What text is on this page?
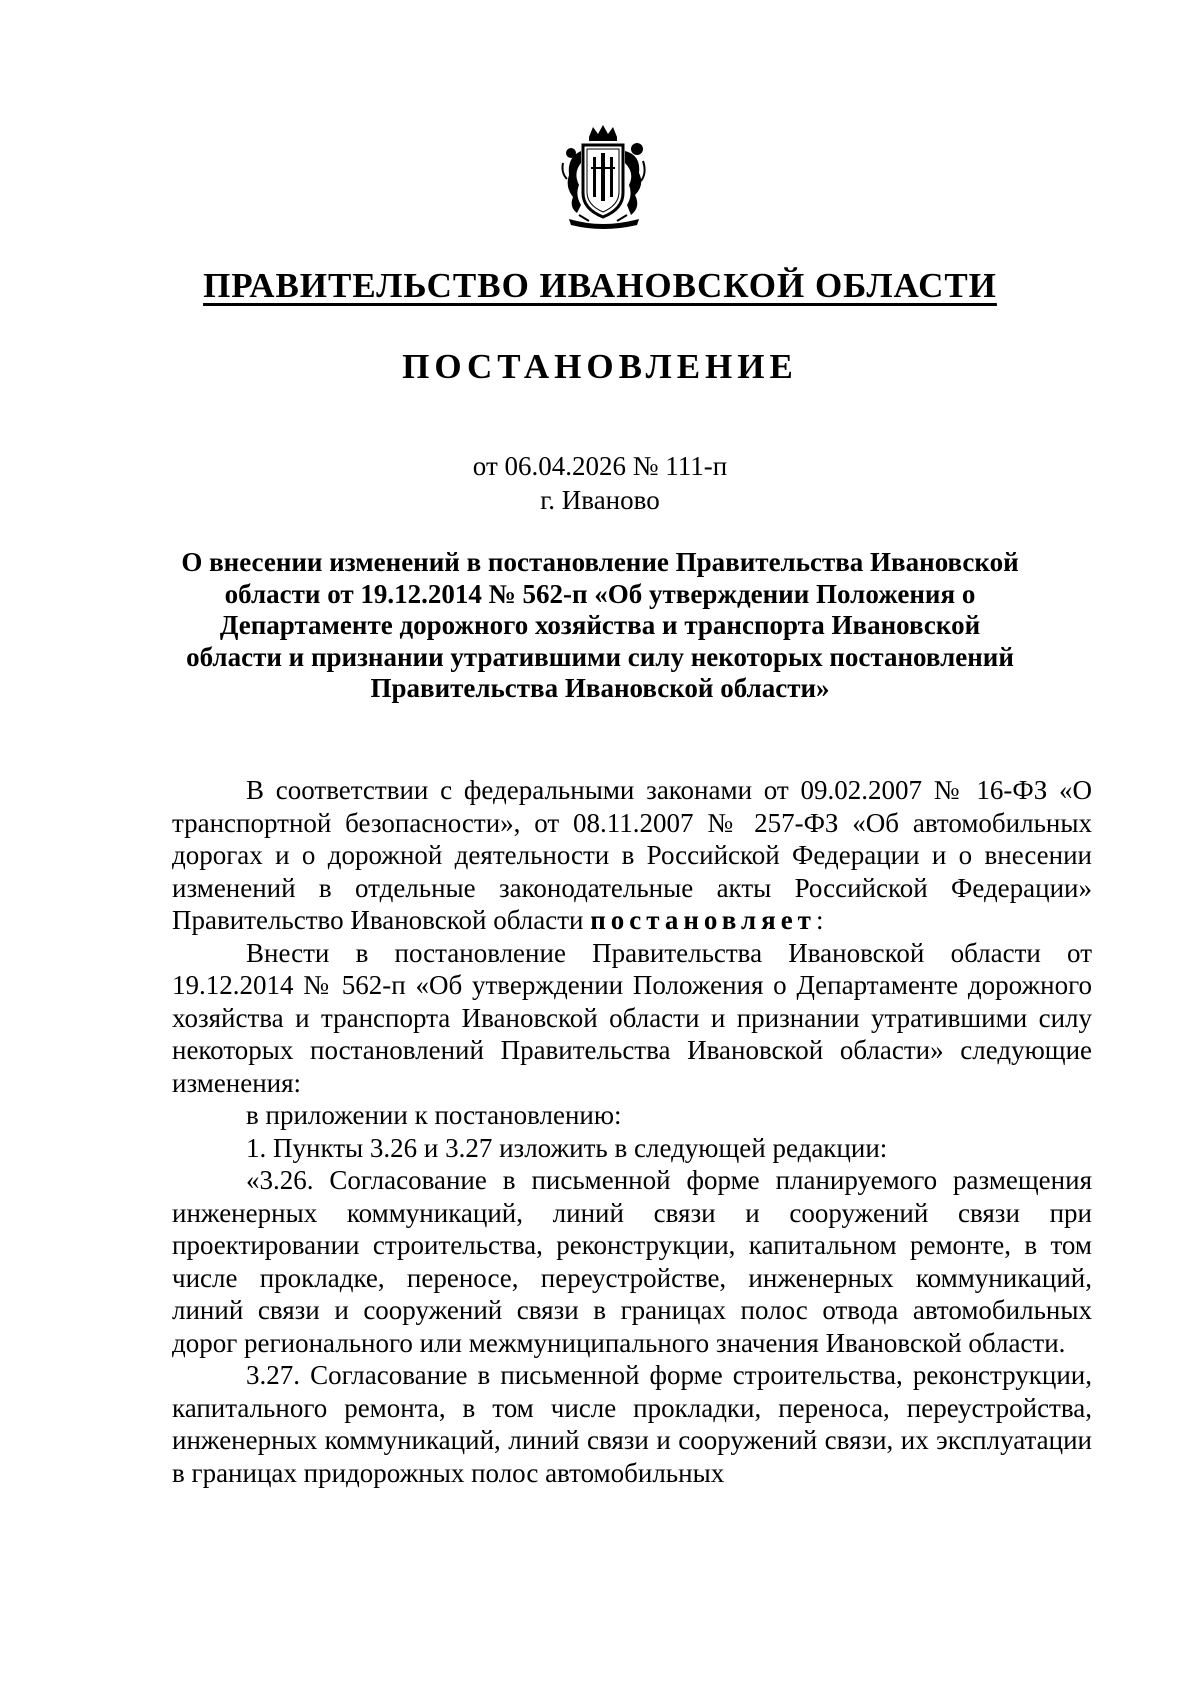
ПРАВИТЕЛЬСТВО ИВАНОВСКОЙ ОБЛАСТИ
ПОСТАНОВЛЕНИЕ
от 06.04.2026 № 111-п
г. Иваново
О внесении изменений в постановление Правительства Ивановской области от 19.12.2014 № 562-п «Об утверждении Положения о Департаменте дорожного хозяйства и транспорта Ивановской области и признании утратившими силу некоторых постановлений Правительства Ивановской области»

В соответствии с федеральными законами от 09.02.2007 № 16-ФЗ «О транспортной безопасности», от 08.11.2007 № 257-ФЗ «Об автомобильных дорогах и о дорожной деятельности в Российской Федерации и о внесении изменений в отдельные законодательные акты Российской Федерации» Правительство Ивановской области постановляет:

Внести в постановление Правительства Ивановской области от 19.12.2014 № 562-п «Об утверждении Положения о Департаменте дорожного хозяйства и транспорта Ивановской области и признании утратившими силу некоторых постановлений Правительства Ивановской области» следующие изменения:

в приложении к постановлению:

1. Пункты 3.26 и 3.27 изложить в следующей редакции:

«3.26. Согласование в письменной форме планируемого размещения инженерных коммуникаций, линий связи и сооружений связи при проектировании строительства, реконструкции, капитальном ремонте, в том числе прокладке, переносе, переустройстве, инженерных коммуникаций, линий связи и сооружений связи в границах полос отвода автомобильных дорог регионального или межмуниципального значения Ивановской области.

3.27. Согласование в письменной форме строительства, реконструкции, капитального ремонта, в том числе прокладки, переноса, переустройства, инженерных коммуникаций, линий связи и сооружений связи, их эксплуатации в границах придорожных полос автомобильных
